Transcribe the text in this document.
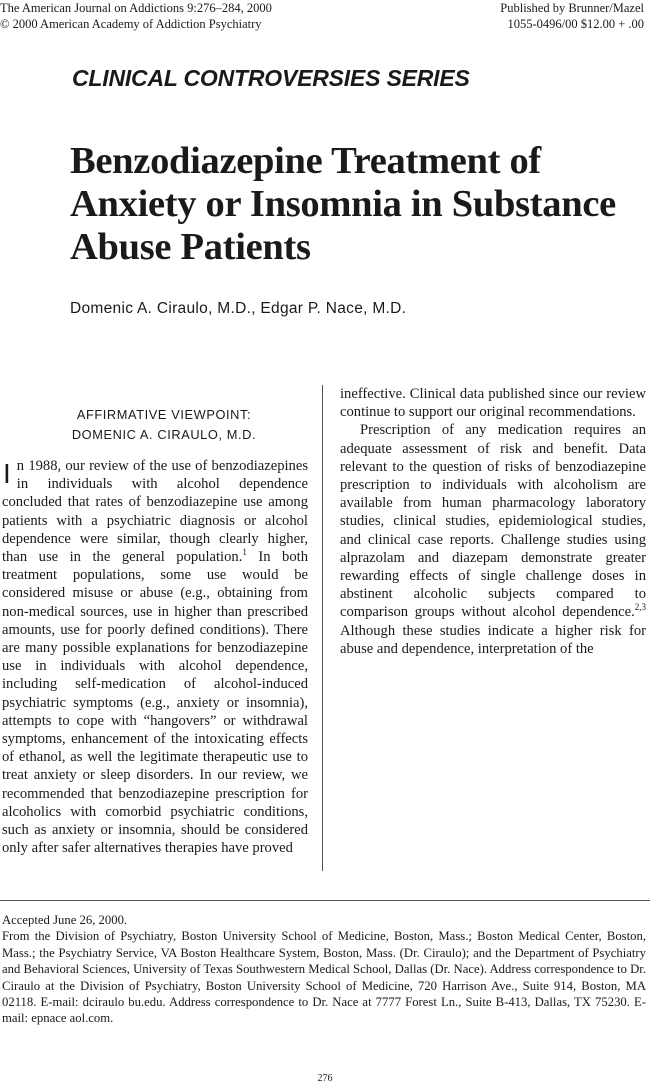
The American Journal on Addictions 9:276–284, 2000
© 2000 American Academy of Addiction Psychiatry
Published by Brunner/Mazel
1055-0496/00 $12.00 + .00
CLINICAL CONTROVERSIES SERIES
Benzodiazepine Treatment of Anxiety or Insomnia in Substance Abuse Patients
Domenic A. Ciraulo, M.D., Edgar P. Nace, M.D.
AFFIRMATIVE VIEWPOINT:
DOMENIC A. CIRAULO, M.D.

In 1988, our review of the use of benzodiazepines in individuals with alcohol dependence concluded that rates of benzodiazepine use among patients with a psychiatric diagnosis or alcohol dependence were similar, though clearly higher, than use in the general population.$^1$ In both treatment populations, some use would be considered misuse or abuse (e.g., obtaining from non-medical sources, use in higher than prescribed amounts, use for poorly defined conditions). There are many possible explanations for benzodiazepine use in individuals with alcohol dependence, including self-medication of alcohol-induced psychiatric symptoms (e.g., anxiety or insomnia), attempts to cope with “hangovers” or withdrawal symptoms, enhancement of the intoxicating effects of ethanol, as well the legitimate therapeutic use to treat anxiety or sleep disorders. In our review, we recommended that benzodiazepine prescription for alcoholics with comorbid psychiatric conditions, such as anxiety or insomnia, should be considered only after safer alternatives therapies have proved

ineffective. Clinical data published since our review continue to support our original recommendations.

Prescription of any medication requires an adequate assessment of risk and benefit. Data relevant to the question of risks of benzodiazepine prescription to individuals with alcoholism are available from human pharmacology laboratory studies, clinical studies, epidemiological studies, and clinical case reports. Challenge studies using alprazolam and diazepam demonstrate greater rewarding effects of single challenge doses in abstinent alcoholic subjects compared to comparison groups without alcohol dependence.$^{2,3}$ Although these studies indicate a higher risk for abuse and dependence, interpretation of the

Accepted June 26, 2000.

From the Division of Psychiatry, Boston University School of Medicine, Boston, Mass.; Boston Medical Center, Boston, Mass.; the Psychiatry Service, VA Boston Healthcare System, Boston, Mass. (Dr. Ciraulo); and the Department of Psychiatry and Behavioral Sciences, University of Texas Southwestern Medical School, Dallas (Dr. Nace). Address correspondence to Dr. Ciraulo at the Division of Psychiatry, Boston University School of Medicine, 720 Harrison Ave., Suite 914, Boston, MA 02118. E-mail: dciraulo bu.edu. Address correspondence to Dr. Nace at 7777 Forest Ln., Suite B-413, Dallas, TX 75230. E-mail: epnace aol.com.

276
